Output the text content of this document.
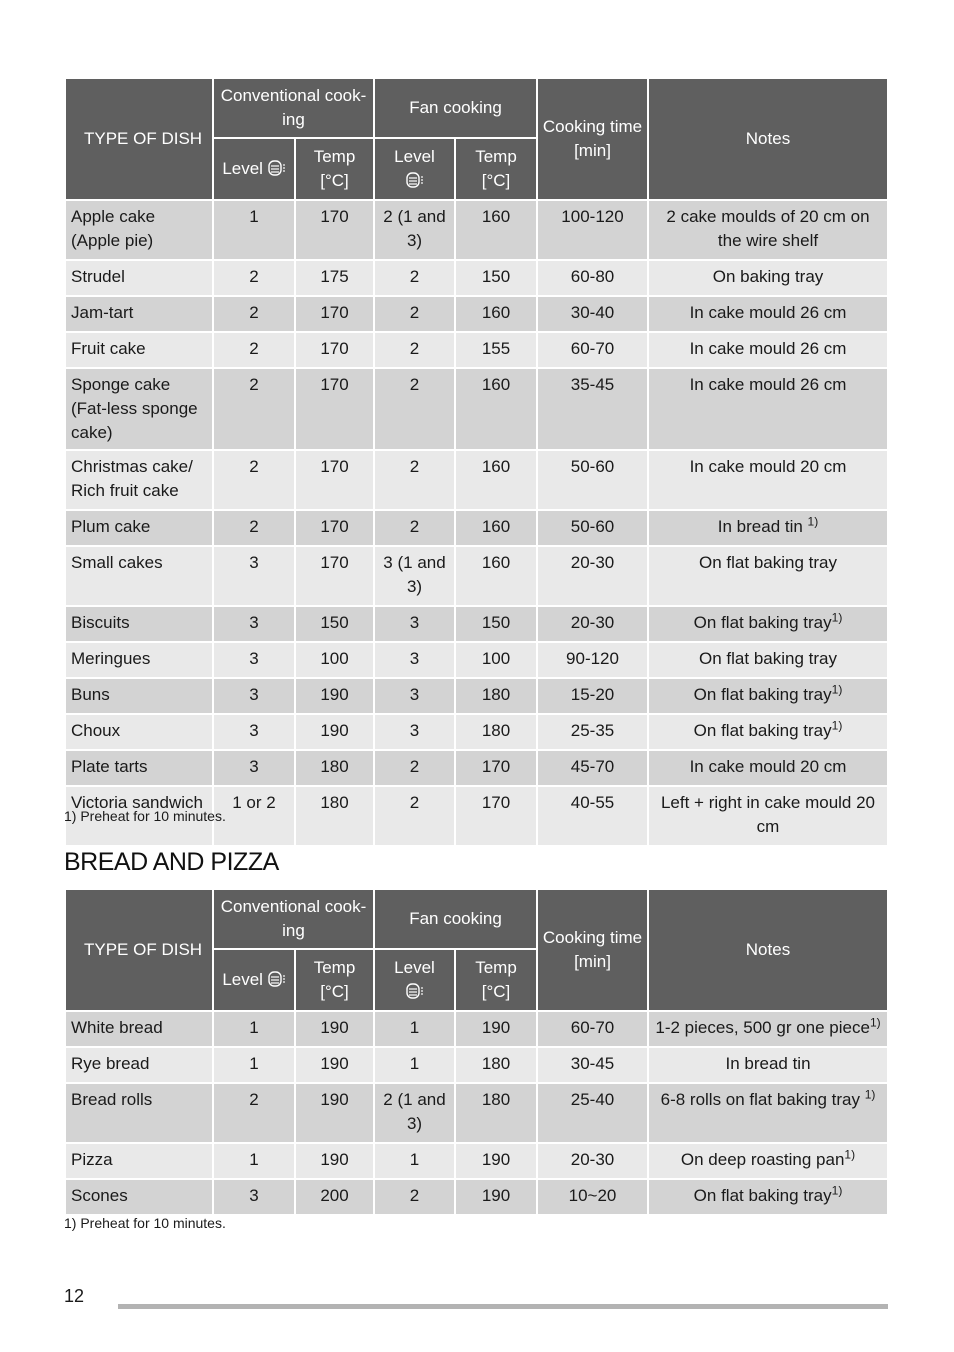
TYPE OF DISH	Conventional cook-ing		Fan cooking		Cooking time [min]	Notes
	Level	Temp [°C]	Level	Temp [°C]		
Apple cake (Apple pie)	1	170	2 (1 and 3)	160	100-120	2 cake moulds of 20 cm on the wire shelf
Strudel	2	175	2	150	60-80	On baking tray
Jam-tart	2	170	2	160	30-40	In cake mould 26 cm
Fruit cake	2	170	2	155	60-70	In cake mould 26 cm
Sponge cake (Fat-less sponge cake)	2	170	2	160	35-45	In cake mould 26 cm
Christmas cake/ Rich fruit cake	2	170	2	160	50-60	In cake mould 20 cm
Plum cake	2	170	2	160	50-60	In bread tin $^{1)}$
Small cakes	3	170	3 (1 and 3)	160	20-30	On flat baking tray
Biscuits	3	150	3	150	20-30	On flat baking tray$^{1)}$
Meringues	3	100	3	100	90-120	On flat baking tray
Buns	3	190	3	180	15-20	On flat baking tray$^{1)}$
Choux	3	190	3	180	25-35	On flat baking tray$^{1)}$
Plate tarts	3	180	2	170	45-70	In cake mould 20 cm
Victoria sandwich	1 or 2	180	2	170	40-55	Left + right in cake mould 20 cm
1) Preheat for 10 minutes.
BREAD AND PIZZA
TYPE OF DISH	Conventional cook-ing		Fan cooking		Cooking time [min]	Notes
	Level	Temp [°C]	Level	Temp [°C]		
White bread	1	190	1	190	60-70	1-2 pieces, 500 gr one piece$^{1)}$
Rye bread	1	190	1	180	30-45	In bread tin
Bread rolls	2	190	2 (1 and 3)	180	25-40	6-8 rolls on flat baking tray $^{1)}$
Pizza	1	190	1	190	20-30	On deep roasting pan$^{1)}$
Scones	3	200	2	190	10~20	On flat baking tray$^{1)}$
1) Preheat for 10 minutes.
12
